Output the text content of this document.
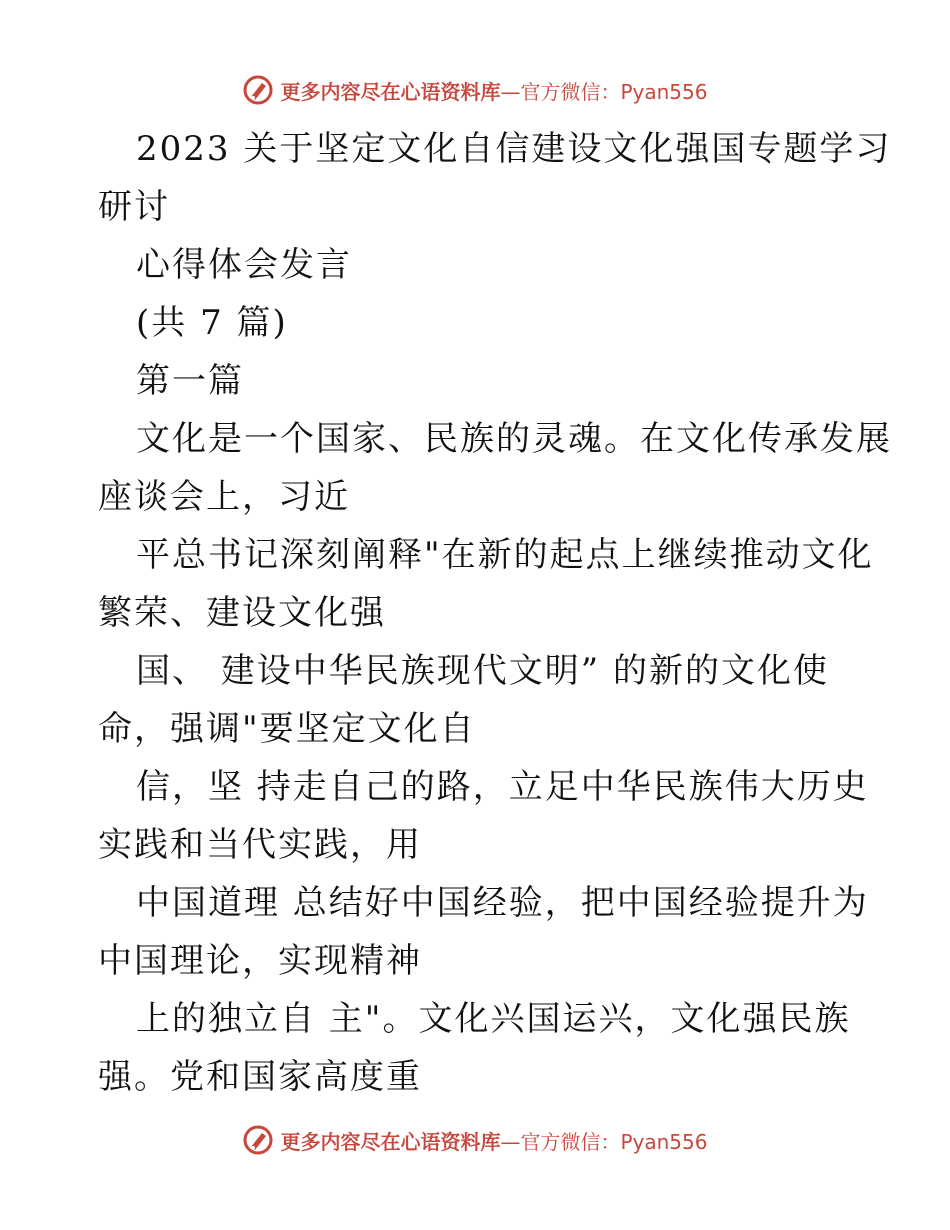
更多内容尽在心语资料库 —官方微信：Pyan556
2023 关于坚定文化自信建设文化强国专题学习
研讨
心得体会发言
(共 7 篇)
第一篇
文化是一个国家、民族的灵魂。在文化传承发展
座谈会上，习近
平总书记深刻阐释"在新的起点上继续推动文化
繁荣、建设文化强
国、 建设中华民族现代文明” 的新的文化使
命，强调"要坚定文化自
信，坚 持走自己的路，立足中华民族伟大历史
实践和当代实践，用
中国道理 总结好中国经验，把中国经验提升为
中国理论，实现精神
上的独立自 主"。文化兴国运兴，文化强民族
强。党和国家高度重
更多内容尽在心语资料库 —官方微信：Pyan556
